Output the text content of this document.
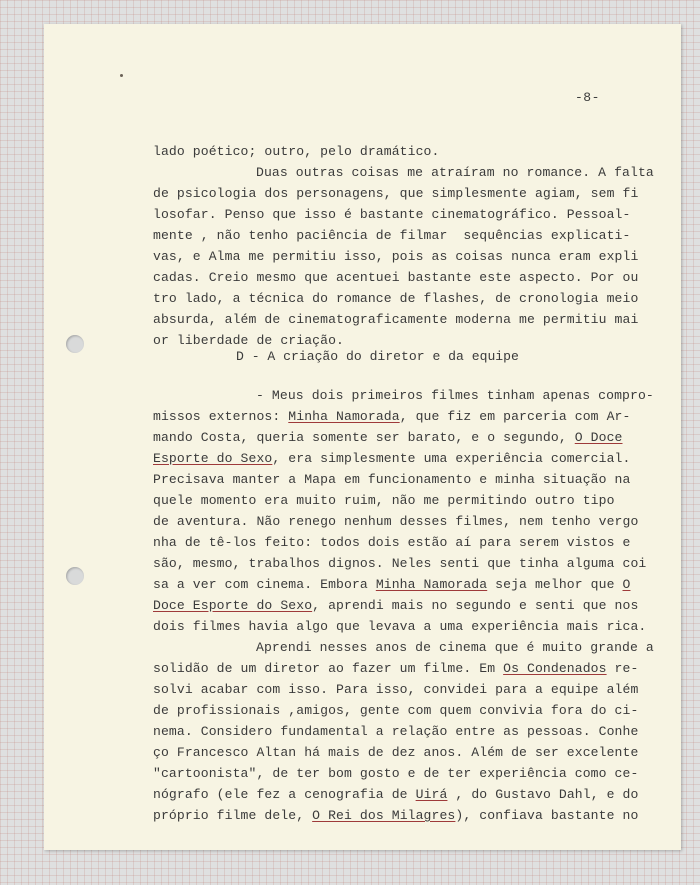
-8-
lado poético; outro, pelo dramático.
Duas outras coisas me atraíram no romance. A falta
de psicologia dos personagens, que simplesmente agiam, sem fi
losofar. Penso que isso é bastante cinematográfico. Pessoal-
mente , não tenho paciência de filmar  sequências explicati-
vas, e Alma me permitiu isso, pois as coisas nunca eram expli
cadas. Creio mesmo que acentuei bastante este aspecto. Por ou
tro lado, a técnica do romance de flashes, de cronologia meio
absurda, além de cinematograficamente moderna me permitiu mai
or liberdade de criação.
D - A criação do diretor e da equipe
- Meus dois primeiros filmes tinham apenas compro-
missos externos: Minha Namorada, que fiz em parceria com Ar-
mando Costa, queria somente ser barato, e o segundo, O Doce
Esporte do Sexo, era simplesmente uma experiência comercial.
Precisava manter a Mapa em funcionamento e minha situação na
quele momento era muito ruim, não me permitindo outro tipo
de aventura. Não renego nenhum desses filmes, nem tenho vergo
nha de tê-los feito: todos dois estão aí para serem vistos e
são, mesmo, trabalhos dignos. Neles senti que tinha alguma coi
sa a ver com cinema. Embora Minha Namorada seja melhor que O
Doce Esporte do Sexo, aprendi mais no segundo e senti que nos
dois filmes havia algo que levava a uma experiência mais rica.
Aprendi nesses anos de cinema que é muito grande a
solidão de um diretor ao fazer um filme. Em Os Condenados re-
solvi acabar com isso. Para isso, convidei para a equipe além
de profissionais ,amigos, gente com quem convivia fora do ci-
nema. Considero fundamental a relação entre as pessoas. Conhe
ço Francesco Altan há mais de dez anos. Além de ser excelente
"cartoonista", de ter bom gosto e de ter experiência como ce-
nógrafo (ele fez a cenografia de Uirá , do Gustavo Dahl, e do
próprio filme dele, O Rei dos Milagres), confiava bastante no
